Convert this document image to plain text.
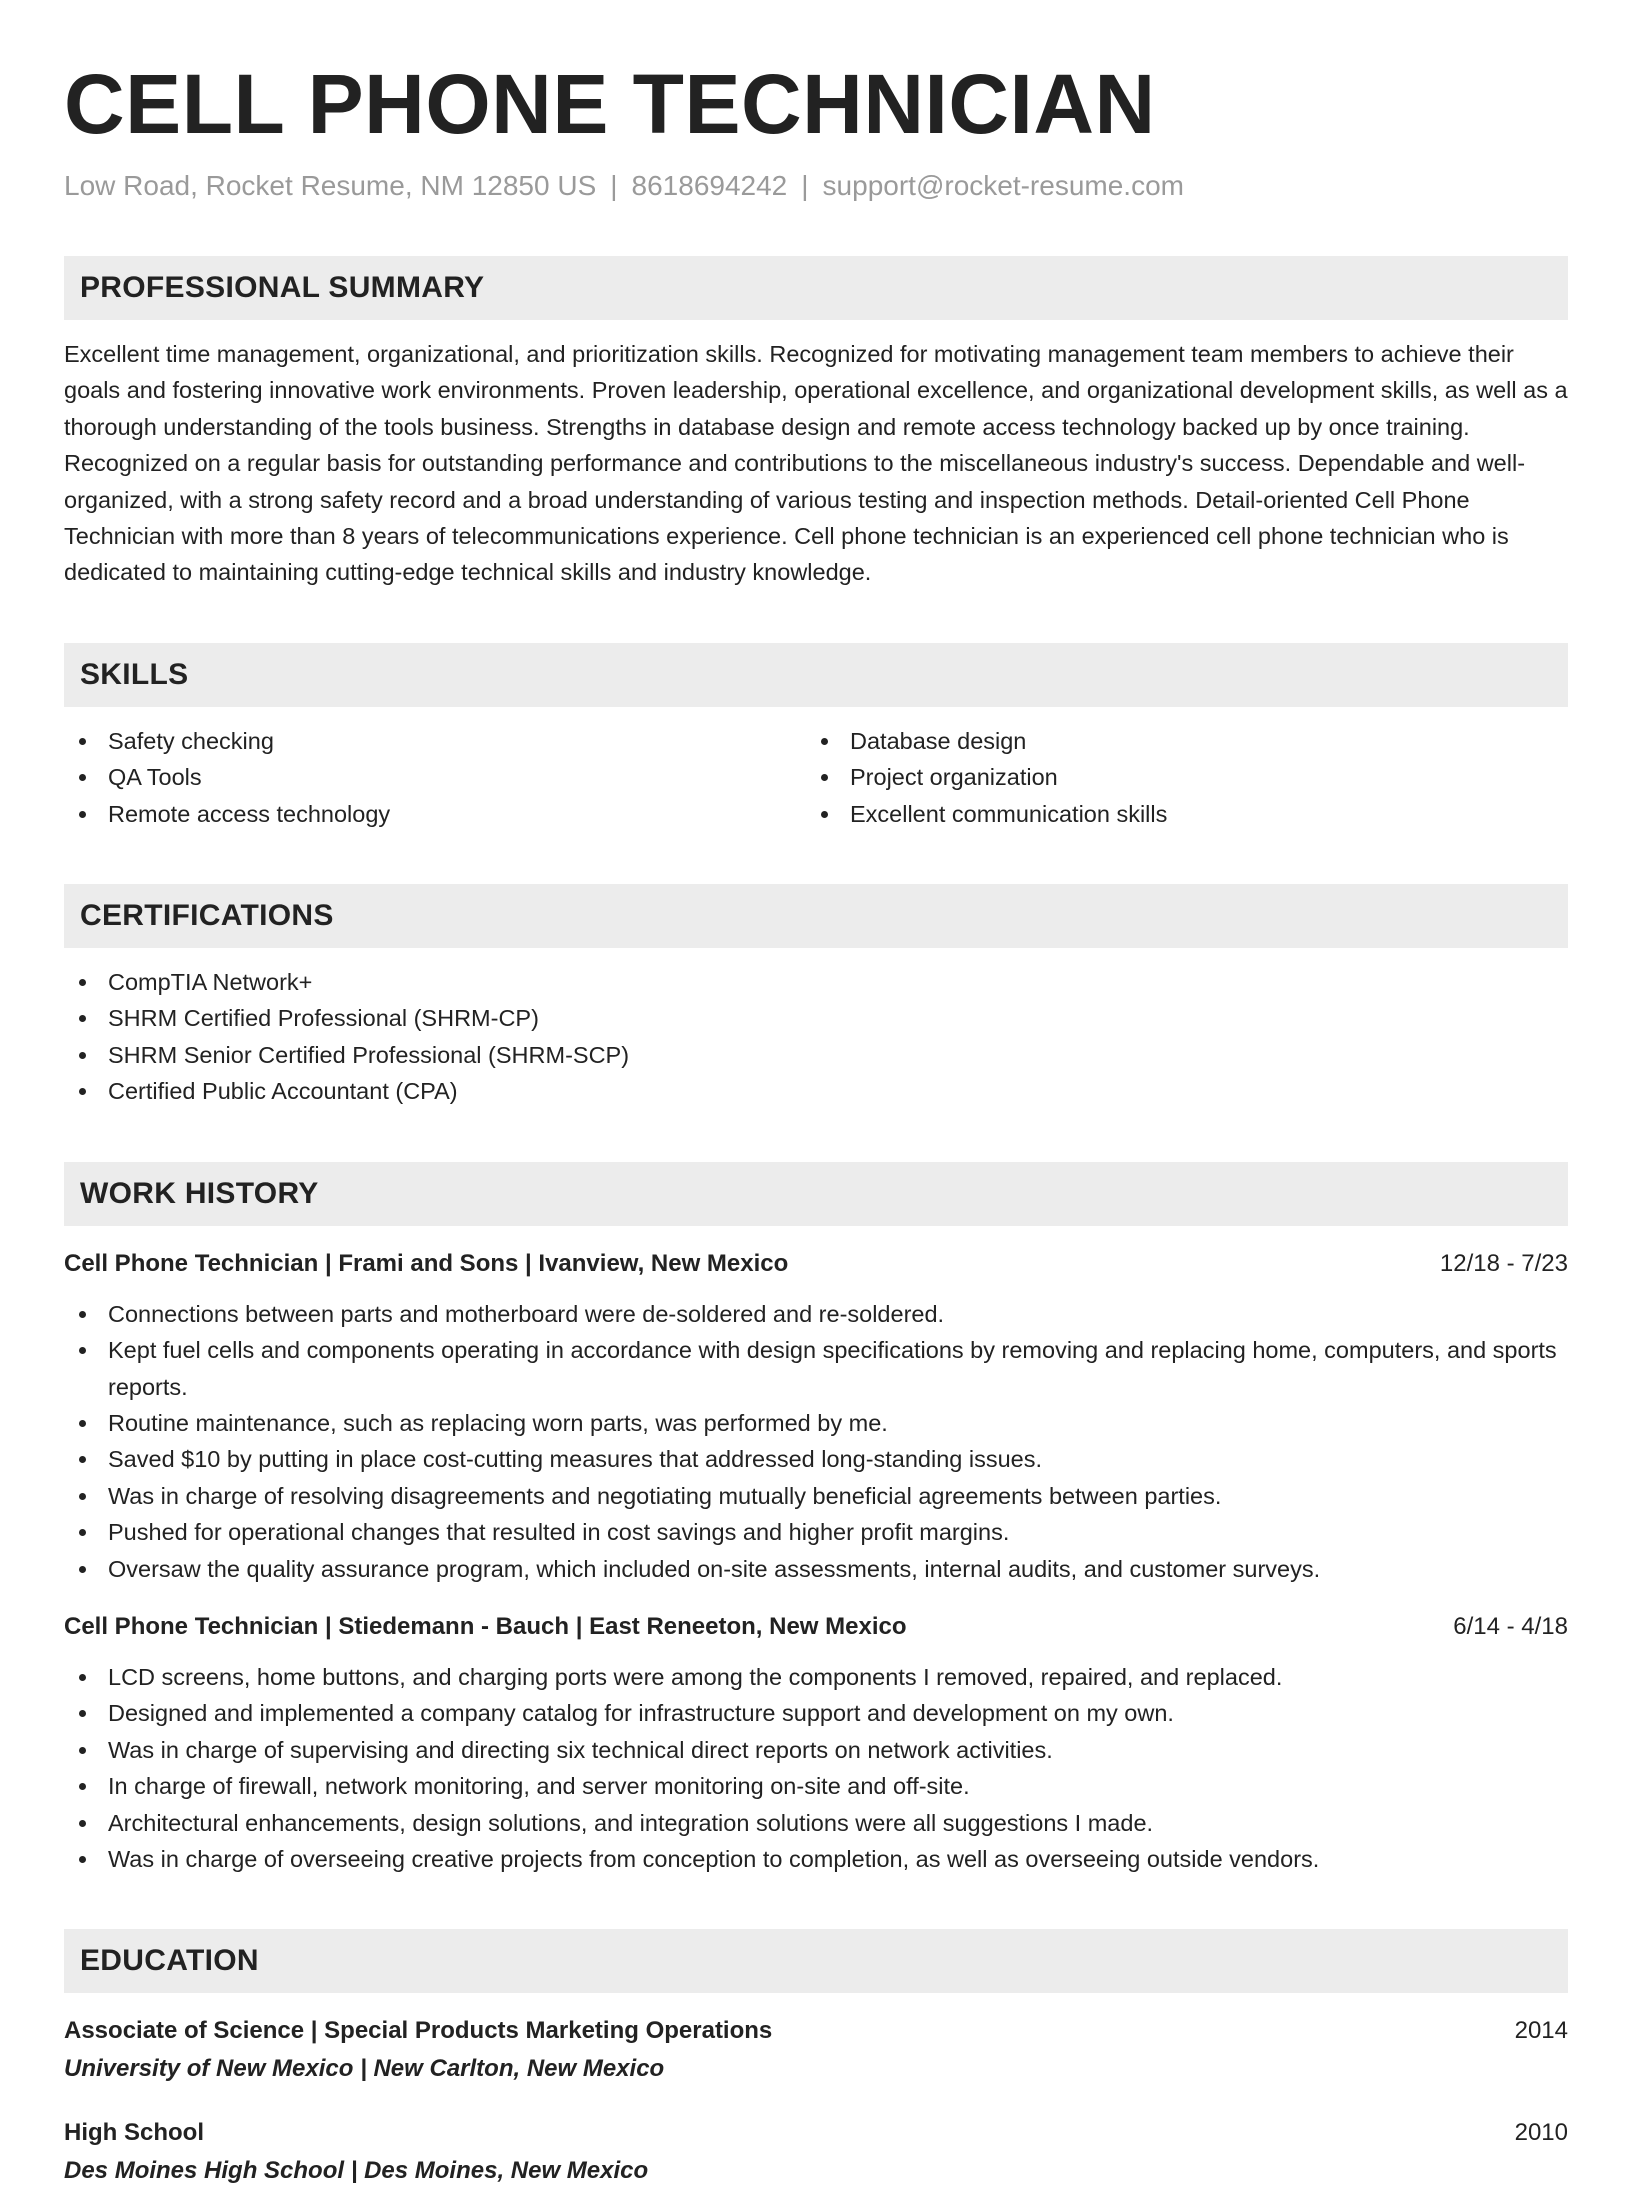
CELL PHONE TECHNICIAN
Low Road, Rocket Resume, NM 12850 US | 8618694242 | support@rocket-resume.com
PROFESSIONAL SUMMARY
Excellent time management, organizational, and prioritization skills. Recognized for motivating management team members to achieve their goals and fostering innovative work environments. Proven leadership, operational excellence, and organizational development skills, as well as a thorough understanding of the tools business. Strengths in database design and remote access technology backed up by once training. Recognized on a regular basis for outstanding performance and contributions to the miscellaneous industry's success. Dependable and well-organized, with a strong safety record and a broad understanding of various testing and inspection methods. Detail-oriented Cell Phone Technician with more than 8 years of telecommunications experience. Cell phone technician is an experienced cell phone technician who is dedicated to maintaining cutting-edge technical skills and industry knowledge.
SKILLS
Safety checking
QA Tools
Remote access technology
Database design
Project organization
Excellent communication skills
CERTIFICATIONS
CompTIA Network+
SHRM Certified Professional (SHRM-CP)
SHRM Senior Certified Professional (SHRM-SCP)
Certified Public Accountant (CPA)
WORK HISTORY
Cell Phone Technician | Frami and Sons | Ivanview, New Mexico	12/18 - 7/23
Connections between parts and motherboard were de-soldered and re-soldered.
Kept fuel cells and components operating in accordance with design specifications by removing and replacing home, computers, and sports reports.
Routine maintenance, such as replacing worn parts, was performed by me.
Saved $10 by putting in place cost-cutting measures that addressed long-standing issues.
Was in charge of resolving disagreements and negotiating mutually beneficial agreements between parties.
Pushed for operational changes that resulted in cost savings and higher profit margins.
Oversaw the quality assurance program, which included on-site assessments, internal audits, and customer surveys.
Cell Phone Technician | Stiedemann - Bauch | East Reneeton, New Mexico	6/14 - 4/18
LCD screens, home buttons, and charging ports were among the components I removed, repaired, and replaced.
Designed and implemented a company catalog for infrastructure support and development on my own.
Was in charge of supervising and directing six technical direct reports on network activities.
In charge of firewall, network monitoring, and server monitoring on-site and off-site.
Architectural enhancements, design solutions, and integration solutions were all suggestions I made.
Was in charge of overseeing creative projects from conception to completion, as well as overseeing outside vendors.
EDUCATION
Associate of Science | Special Products Marketing Operations	2014
University of New Mexico | New Carlton, New Mexico
High School	2010
Des Moines High School | Des Moines, New Mexico
